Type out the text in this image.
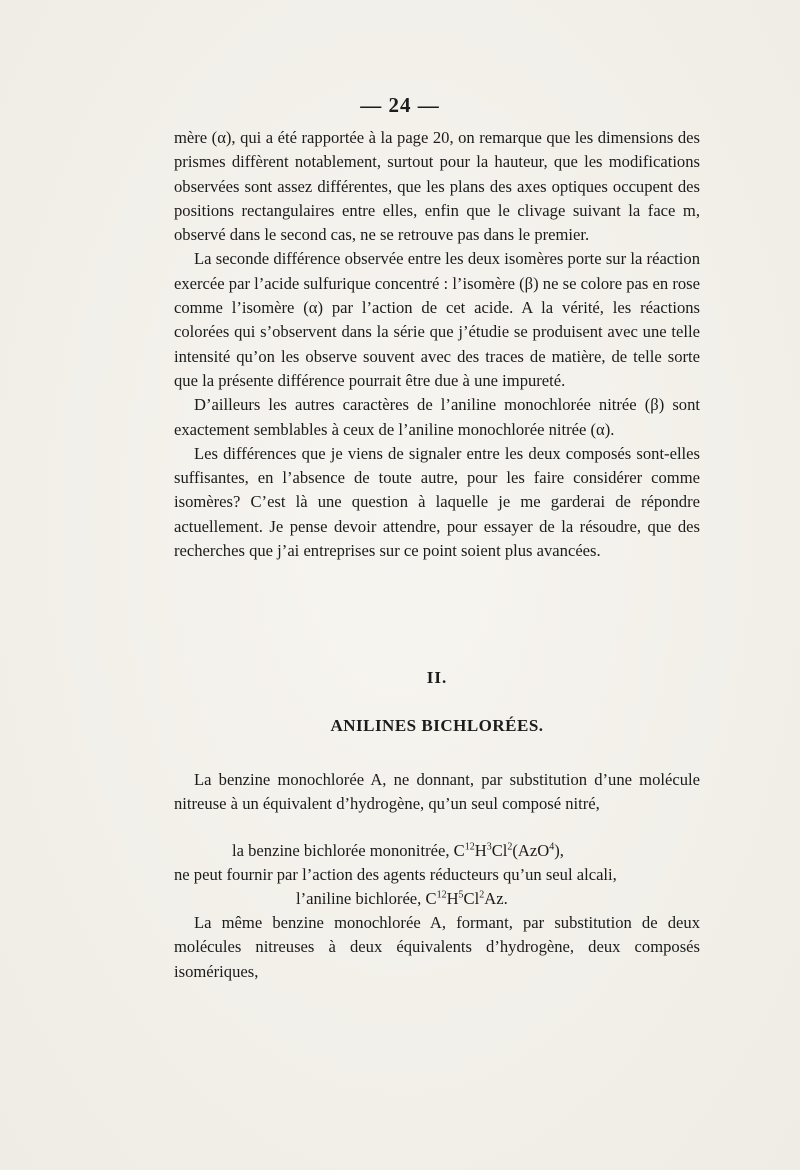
— 24 —

mère (α), qui a été rapportée à la page 20, on remarque que les dimensions des prismes diffèrent notablement, surtout pour la hauteur, que les modifications observées sont assez différentes, que les plans des axes optiques occupent des positions rectangulaires entre elles, enfin que le clivage suivant la face m, observé dans le second cas, ne se retrouve pas dans le premier.

La seconde différence observée entre les deux isomères porte sur la réaction exercée par l’acide sulfurique concentré : l’isomère (β) ne se colore pas en rose comme l’isomère (α) par l’action de cet acide. A la vérité, les réactions colorées qui s’observent dans la série que j’étudie se produisent avec une telle intensité qu’on les observe souvent avec des traces de matière, de telle sorte que la présente différence pourrait être due à une impureté.

D’ailleurs les autres caractères de l’aniline monochlorée nitrée (β) sont exactement semblables à ceux de l’aniline monochlorée nitrée (α).

Les différences que je viens de signaler entre les deux composés sont-elles suffisantes, en l’absence de toute autre, pour les faire considérer comme isomères? C’est là une question à laquelle je me garderai de répondre actuellement. Je pense devoir attendre, pour essayer de la résoudre, que des recherches que j’ai entreprises sur ce point soient plus avancées.

II.
ANILINES BICHLORÉES.

La benzine monochlorée A, ne donnant, par substitution d’une molécule nitreuse à un équivalent d’hydrogène, qu’un seul composé nitré,

la benzine bichlorée mononitrée, $C^{12}H^3Cl^2(AzO^4)$,

ne peut fournir par l’action des agents réducteurs qu’un seul alcali,

l’aniline bichlorée, $C^{12}H^5Cl^2Az$.

La même benzine monochlorée A, formant, par substitution de deux molécules nitreuses à deux équivalents d’hydrogène, deux composés isomériques,
